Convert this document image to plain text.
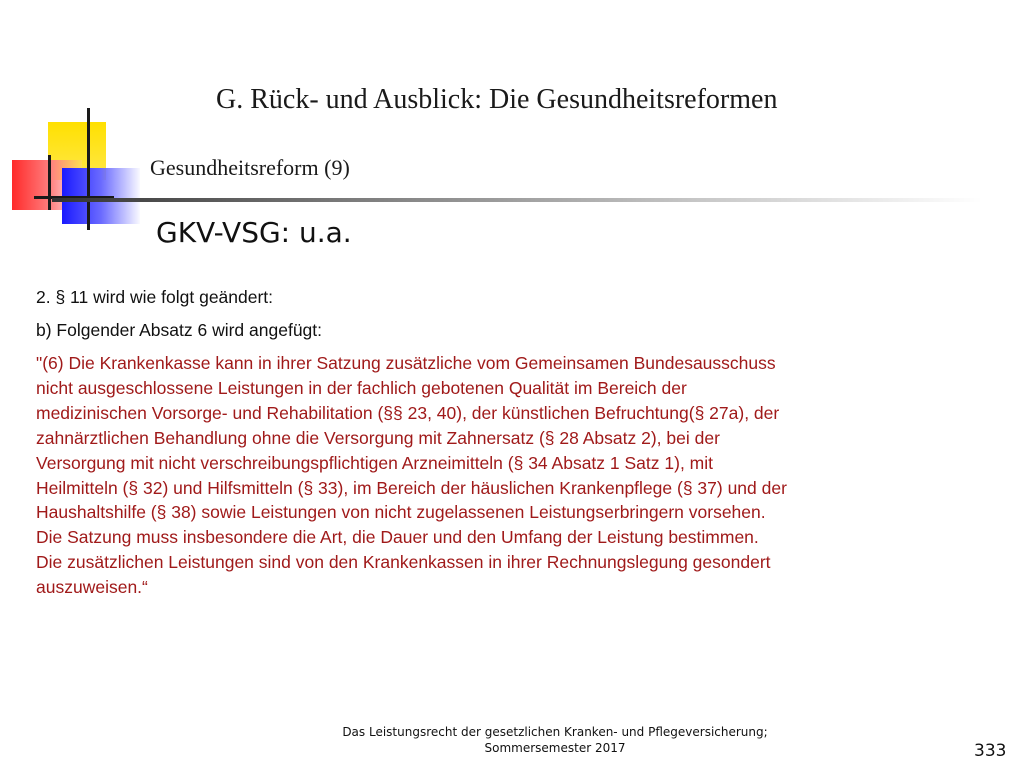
G. Rück- und Ausblick: Die Gesundheitsreformen
Gesundheitsreform (9)
GKV-VSG: u.a.

2. § 11 wird wie folgt geändert:

b) Folgender Absatz 6 wird angefügt:

"(6) Die Krankenkasse kann in ihrer Satzung zusätzliche vom Gemeinsamen Bundesausschuss
nicht ausgeschlossene Leistungen in der fachlich gebotenen Qualität im Bereich der
medizinischen Vorsorge- und Rehabilitation (§§ 23, 40), der künstlichen Befruchtung(§ 27a), der
zahnärztlichen Behandlung ohne die Versorgung mit Zahnersatz (§ 28 Absatz 2), bei der
Versorgung mit nicht verschreibungspflichtigen Arzneimitteln (§ 34 Absatz 1 Satz 1), mit
Heilmitteln (§ 32) und Hilfsmitteln (§ 33), im Bereich der häuslichen Krankenpflege (§ 37) und der
Haushaltshilfe (§ 38) sowie Leistungen von nicht zugelassenen Leistungserbringern vorsehen.
Die Satzung muss insbesondere die Art, die Dauer und den Umfang der Leistung bestimmen.
Die zusätzlichen Leistungen sind von den Krankenkassen in ihrer Rechnungslegung gesondert
auszuweisen.“

Das Leistungsrecht der gesetzlichen Kranken- und Pflegeversicherung;
Sommersemester 2017	333
